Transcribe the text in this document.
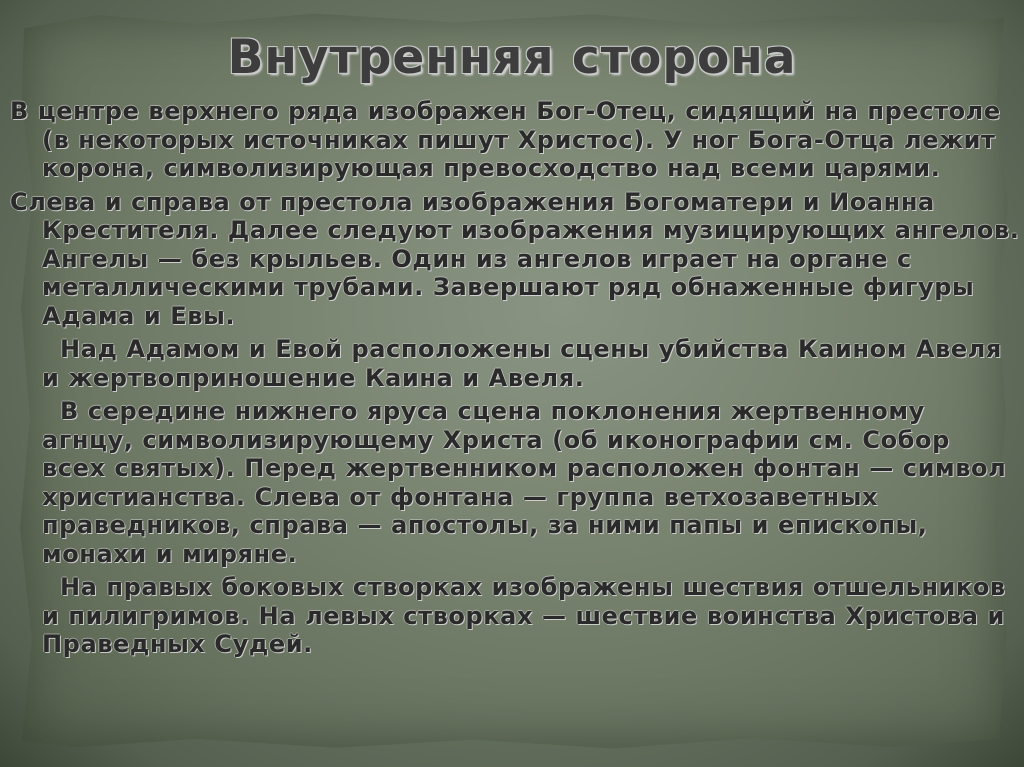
Внутренняя сторона

В центре верхнего ряда изображен Бог-Отец, сидящий на престоле (в некоторых источниках пишут Христос). У ног Бога-Отца лежит корона, символизирующая превосходство над всеми царями.

Слева и справа от престола изображения Богоматери и Иоанна Крестителя. Далее следуют изображения музицирующих ангелов. Ангелы — без крыльев. Один из ангелов играет на органе с металлическими трубами. Завершают ряд обнаженные фигуры Адама и Евы.

Над Адамом и Евой расположены сцены убийства Каином Авеля и жертвоприношение Каина и Авеля.

В середине нижнего яруса сцена поклонения жертвенному агнцу, символизирующему Христа (об иконографии см. Собор всех святых). Перед жертвенником расположен фонтан — символ христианства. Слева от фонтана — группа ветхозаветных праведников, справа — апостолы, за ними папы и епископы, монахи и миряне.

На правых боковых створках изображены шествия отшельников и пилигримов. На левых створках — шествие воинства Христова и Праведных Судей.
